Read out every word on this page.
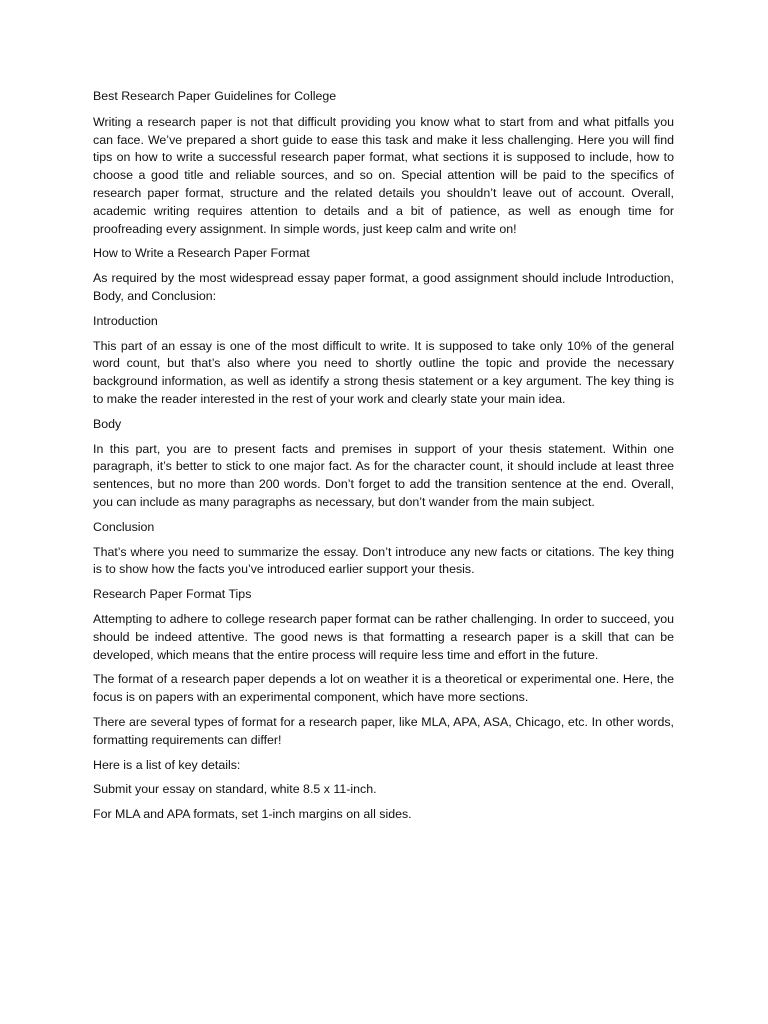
Best Research Paper Guidelines for College

Writing a research paper is not that difficult providing you know what to start from and what pitfalls you can face. We’ve prepared a short guide to ease this task and make it less challenging. Here you will find tips on how to write a successful research paper format, what sections it is supposed to include, how to choose a good title and reliable sources, and so on. Special attention will be paid to the specifics of research paper format, structure and the related details you shouldn’t leave out of account. Overall, academic writing requires attention to details and a bit of patience, as well as enough time for proofreading every assignment. In simple words, just keep calm and write on!

How to Write a Research Paper Format

As required by the most widespread essay paper format, a good assignment should include Introduction, Body, and Conclusion:

Introduction

This part of an essay is one of the most difficult to write. It is supposed to take only 10% of the general word count, but that’s also where you need to shortly outline the topic and provide the necessary background information, as well as identify a strong thesis statement or a key argument. The key thing is to make the reader interested in the rest of your work and clearly state your main idea.

Body

In this part, you are to present facts and premises in support of your thesis statement. Within one paragraph, it’s better to stick to one major fact. As for the character count, it should include at least three sentences, but no more than 200 words. Don’t forget to add the transition sentence at the end. Overall, you can include as many paragraphs as necessary, but don’t wander from the main subject.

Conclusion

That’s where you need to summarize the essay. Don’t introduce any new facts or citations. The key thing is to show how the facts you’ve introduced earlier support your thesis.

Research Paper Format Tips

Attempting to adhere to college research paper format can be rather challenging. In order to succeed, you should be indeed attentive. The good news is that formatting a research paper is a skill that can be developed, which means that the entire process will require less time and effort in the future.

The format of a research paper depends a lot on weather it is a theoretical or experimental one. Here, the focus is on papers with an experimental component, which have more sections.

There are several types of format for a research paper, like MLA, APA, ASA, Chicago, etc. In other words, formatting requirements can differ!

Here is a list of key details:

Submit your essay on standard, white 8.5 x 11-inch.

For MLA and APA formats, set 1-inch margins on all sides.
